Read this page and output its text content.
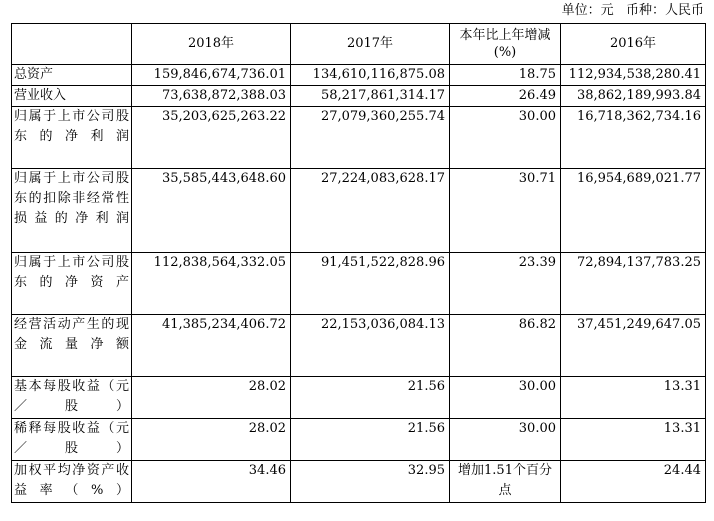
单位：元   币种：人民币
	2018年	2017年	本年比上年增减(%)	2016年
总资产	159,846,674,736.01	134,610,116,875.08	18.75	112,934,538,280.41
营业收入	73,638,872,388.03	58,217,861,314.17	26.49	38,862,189,993.84
归属于上市公司股东的净利润	35,203,625,263.22	27,079,360,255.74	30.00	16,718,362,734.16
归属于上市公司股东的扣除非经常性损益的净利润	35,585,443,648.60	27,224,083,628.17	30.71	16,954,689,021.77
归属于上市公司股东的净资产	112,838,564,332.05	91,451,522,828.96	23.39	72,894,137,783.25
经营活动产生的现金流量净额	41,385,234,406.72	22,153,036,084.13	86.82	37,451,249,647.05
基本每股收益（元／股）	28.02	21.56	30.00	13.31
稀释每股收益（元／股）	28.02	21.56	30.00	13.31
加权平均净资产收益率（%）	34.46	32.95	增加1.51个百分点	24.44
